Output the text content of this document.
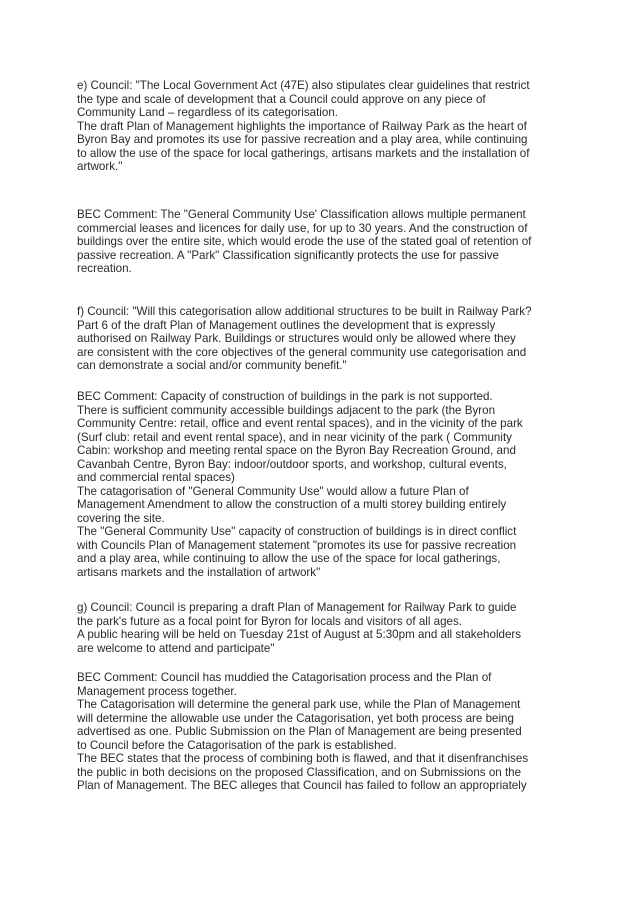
e) Council: "The Local Government Act (47E) also stipulates clear guidelines that restrict
the type and scale of development that a Council could approve on any piece of
Community Land – regardless of its categorisation.
The draft Plan of Management highlights the importance of Railway Park as the heart of
Byron Bay and promotes its use for passive recreation and a play area, while continuing
to allow the use of the space for local gatherings, artisans markets and the installation of
artwork."
BEC Comment: The "General Community Use' Classification allows multiple permanent
commercial leases and licences for daily use, for up to 30 years. And the construction of
buildings over the entire site, which would erode the use of the stated goal of retention of
passive recreation. A "Park" Classification significantly protects the use for passive
recreation.
f) Council: "Will this categorisation allow additional structures to be built in Railway Park?
Part 6 of the draft Plan of Management outlines the development that is expressly
authorised on Railway Park. Buildings or structures would only be allowed where they
are consistent with the core objectives of the general community use categorisation and
can demonstrate a social and/or community benefit."
BEC Comment: Capacity of construction of buildings in the park is not supported.
There is sufficient community accessible buildings adjacent to the park (the Byron
Community Centre: retail, office and event rental spaces), and in the vicinity of the park
(Surf club: retail and event rental space), and in near vicinity of the park ( Community
Cabin: workshop and meeting rental space on the Byron Bay Recreation Ground, and
Cavanbah Centre, Byron Bay: indoor/outdoor sports, and workshop, cultural events,
and commercial rental spaces)
The catagorisation of "General Community Use" would allow a future Plan of
Management Amendment to allow the construction of a multi storey building entirely
covering the site.
The "General Community Use" capacity of construction of buildings is in direct conflict
with Councils Plan of Management statement "promotes its use for passive recreation
and a play area, while continuing to allow the use of the space for local gatherings,
artisans markets and the installation of artwork"
g) Council: Council is preparing a draft Plan of Management for Railway Park to guide
the park's future as a focal point for Byron for locals and visitors of all ages.
A public hearing will be held on Tuesday 21st of August at 5:30pm and all stakeholders
are welcome to attend and participate"
BEC Comment: Council has muddied the Catagorisation process and the Plan of
Management process together.
The Catagorisation will determine the general park use, while the Plan of Management
will determine the allowable use under the Catagorisation, yet both process are being
advertised as one. Public Submission on the Plan of Management are being presented
to Council before the Catagorisation of the park is established.
The BEC states that the process of combining both is flawed, and that it disenfranchises
the public in both decisions on the proposed Classification, and on Submissions on the
Plan of Management. The BEC alleges that Council has failed to follow an appropriately
